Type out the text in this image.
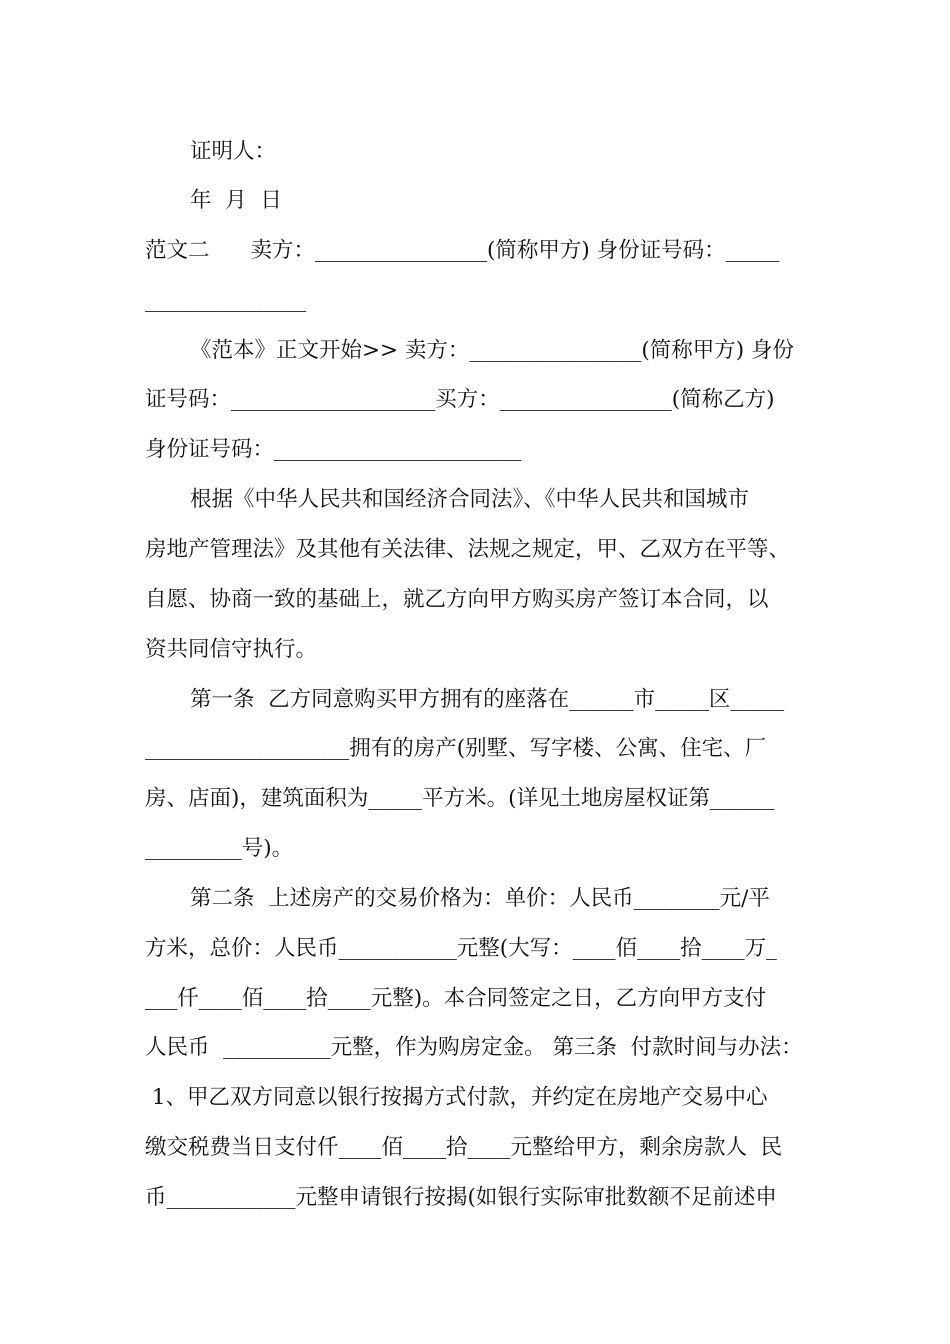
证明人：
年  月  日
范文二      卖方：________________(简称甲方) 身份证号码：_____
_______________
《范本》正文开始>> 卖方：________________(简称甲方) 身份
证号码：___________________买方：________________(简称乙方)
身份证号码：_______________________
根据《中华人民共和国经济合同法》、《中华人民共和国城市
房地产管理法》及其他有关法律、法规之规定，甲、乙双方在平等、
自愿、协商一致的基础上，就乙方向甲方购买房产签订本合同，以
资共同信守执行。
第一条  乙方同意购买甲方拥有的座落在______市_____区_____
___________________拥有的房产(别墅、写字楼、公寓、住宅、厂
房、店面)，建筑面积为_____平方米。(详见土地房屋权证第______
_________号)。
第二条  上述房产的交易价格为：单价：人民币________元/平
方米，总价：人民币___________元整(大写：____佰____拾____万_
___仟____佰____拾____元整)。本合同签定之日，乙方向甲方支付
人民币  __________元整，作为购房定金。 第三条  付款时间与办法：
1、甲乙双方同意以银行按揭方式付款，并约定在房地产交易中心
缴交税费当日支付仟____佰____拾____元整给甲方，剩余房款人  民
币____________元整申请银行按揭(如银行实际审批数额不足前述申
